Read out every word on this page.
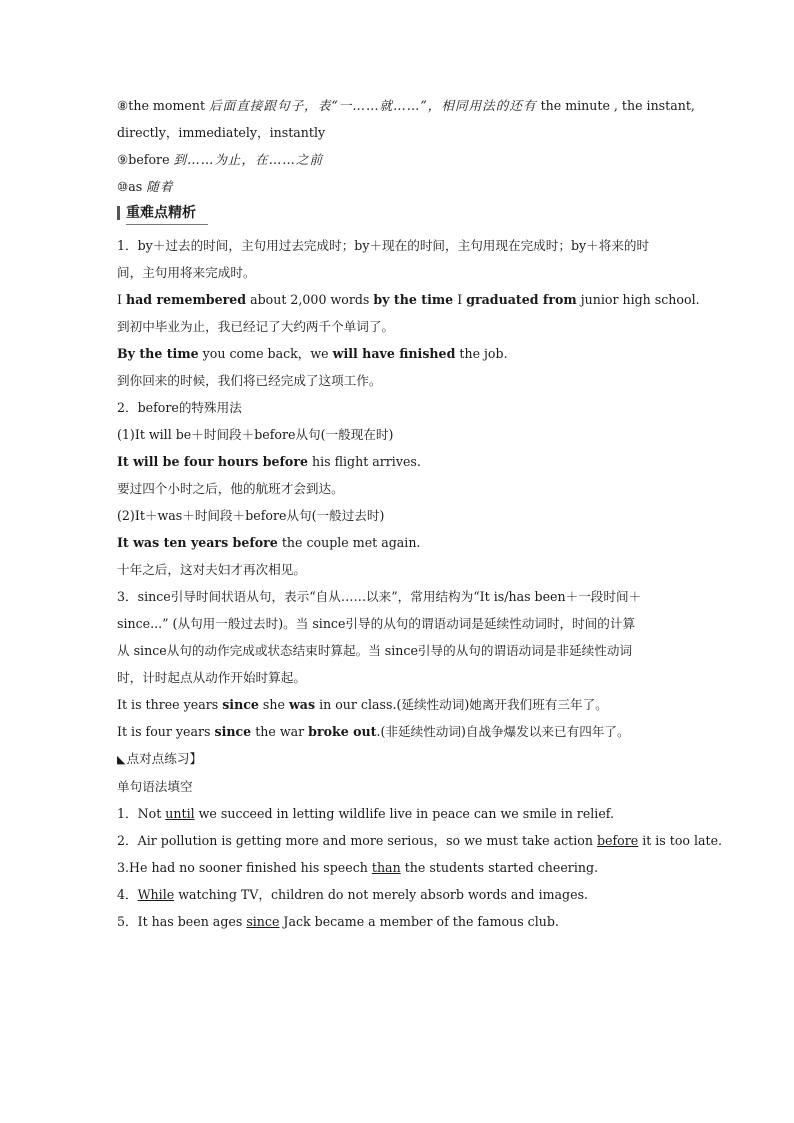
⑧the moment 后面直接跟句子，表“一……就……”，相同用法的还有 the minute , the instant,
directly，immediately，instantly
⑨before 到……为止，在……之前
⑩as 随着
重难点精析
1．by＋过去的时间，主句用过去完成时；by＋现在的时间，主句用现在完成时；by＋将来的时
间，主句用将来完成时。
I had remembered about 2,000 words by the time I graduated from junior high school.
到初中毕业为止，我已经记了大约两千个单词了。
By the time you come back，we will have finished the job.
到你回来的时候，我们将已经完成了这项工作。
2．before的特殊用法
(1)It will be＋时间段＋before从句(一般现在时)
It will be four hours before his flight arrives.
要过四个小时之后，他的航班才会到达。
(2)It＋was＋时间段＋before从句(一般过去时)
It was ten years before the couple met again.
十年之后，这对夫妇才再次相见。
3．since引导时间状语从句，表示“自从……以来”，常用结构为“It is/has been＋一段时间＋
since...” (从句用一般过去时)。当 since引导的从句的谓语动词是延续性动词时，时间的计算
从 since从句的动作完成或状态结束时算起。当 since引导的从句的谓语动词是非延续性动词
时，计时起点从动作开始时算起。
It is three years since she was in our class.(延续性动词)她离开我们班有三年了。
It is four years since the war broke out.(非延续性动词)自战争爆发以来已有四年了。
◣点对点练习】
单句语法填空
1．Not until we succeed in letting wildlife live in peace can we smile in relief.
2．Air pollution is getting more and more serious，so we must take action before it is too late.
3.He had no sooner finished his speech than the students started cheering.
4．While watching TV，children do not merely absorb words and images.
5．It has been ages since Jack became a member of the famous club.
